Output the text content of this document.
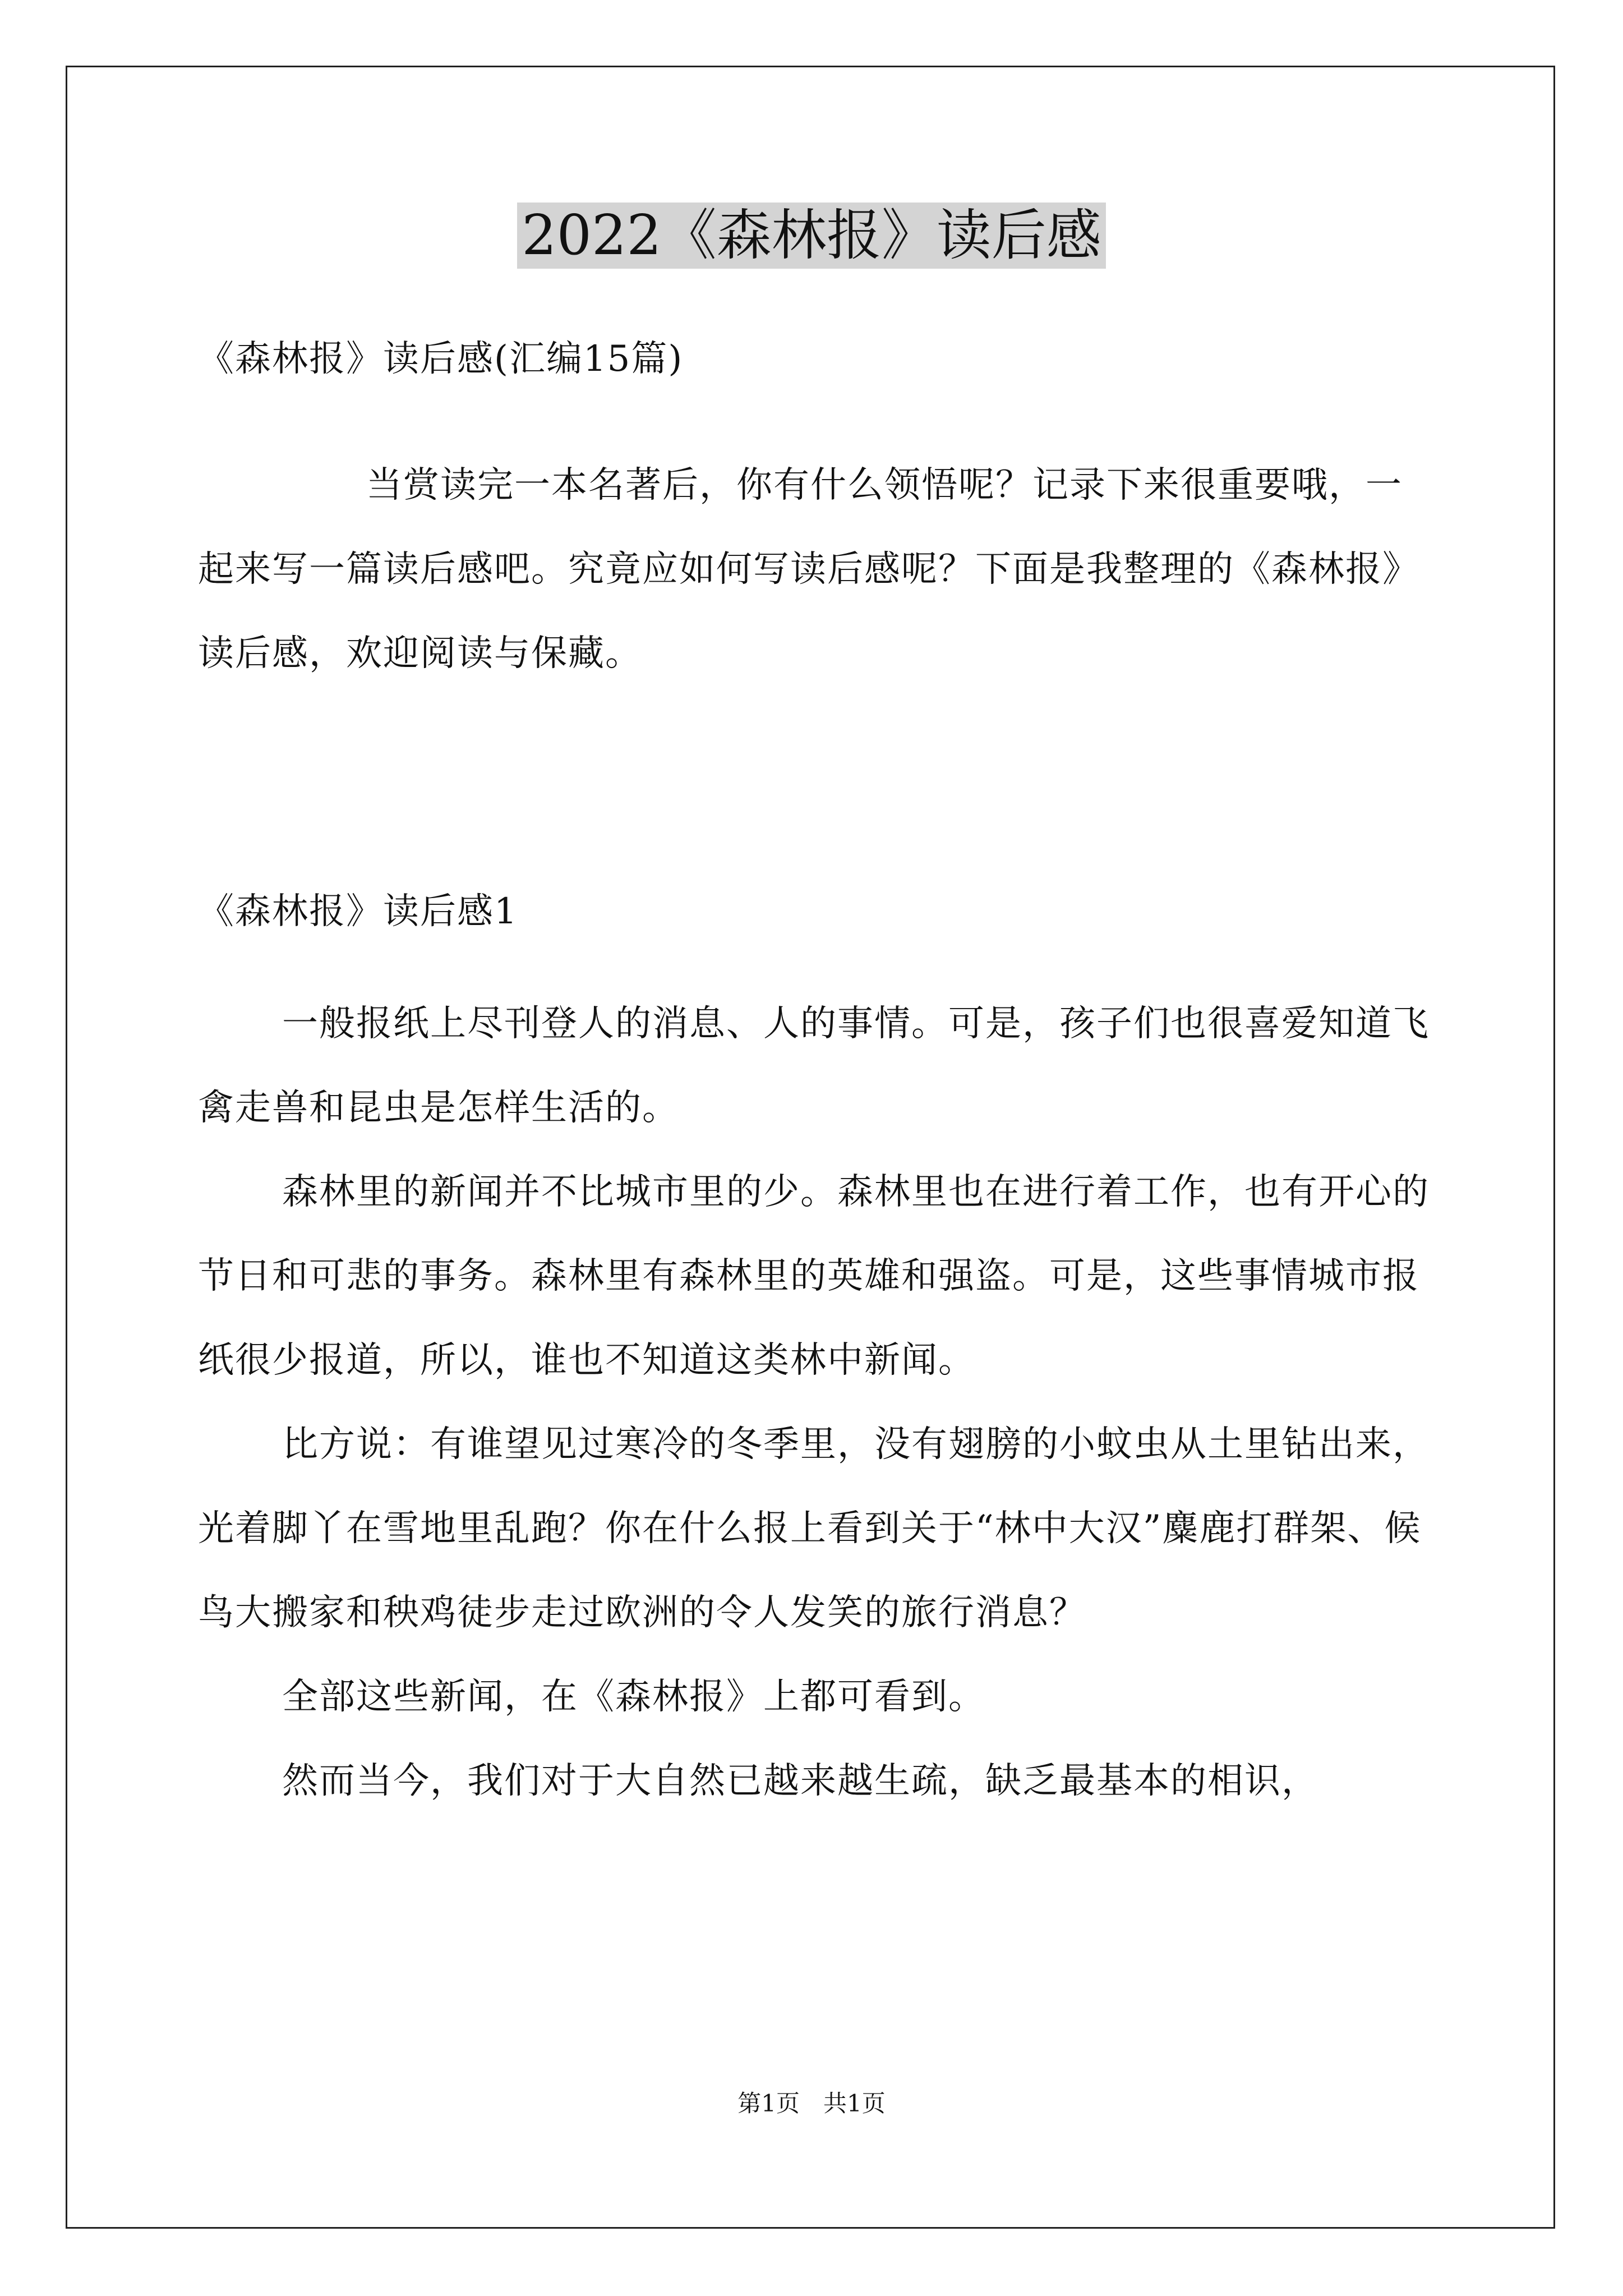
2022《森林报》读后感

《森林报》读后感(汇编15篇)

当赏读完一本名著后，你有什么领悟呢？记录下来很重要哦，一起来写一篇读后感吧。究竟应如何写读后感呢？下面是我整理的《森林报》读后感，欢迎阅读与保藏。

《森林报》读后感1

一般报纸上尽刊登人的消息、人的事情。可是，孩子们也很喜爱知道飞禽走兽和昆虫是怎样生活的。

森林里的新闻并不比城市里的少。森林里也在进行着工作，也有开心的节日和可悲的事务。森林里有森林里的英雄和强盗。可是，这些事情城市报纸很少报道，所以，谁也不知道这类林中新闻。

比方说：有谁望见过寒冷的冬季里，没有翅膀的小蚊虫从土里钻出来，光着脚丫在雪地里乱跑？你在什么报上看到关于“林中大汉”麋鹿打群架、候鸟大搬家和秧鸡徒步走过欧洲的令人发笑的旅行消息？

全部这些新闻，在《森林报》上都可看到。

然而当今，我们对于大自然已越来越生疏，缺乏最基本的相识，

第1页　共1页
